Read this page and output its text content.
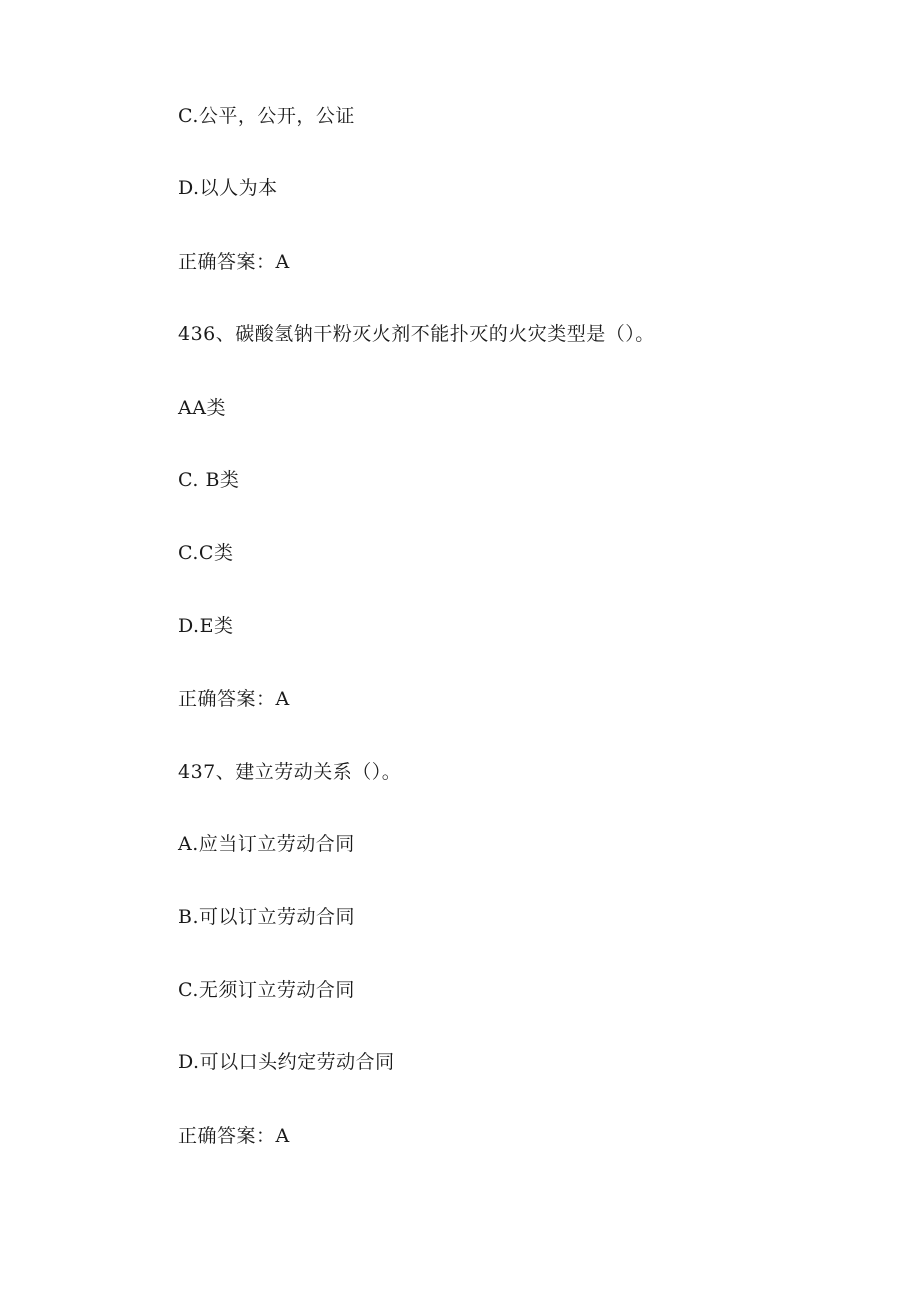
C.公平，公开，公证
D.以人为本
正确答案：A
436、碳酸氢钠干粉灭火剂不能扑灭的火灾类型是（）。
AA类
C. B类
C.C类
D.E类
正确答案：A
437、建立劳动关系（）。
A.应当订立劳动合同
B.可以订立劳动合同
C.无须订立劳动合同
D.可以口头约定劳动合同
正确答案：A
